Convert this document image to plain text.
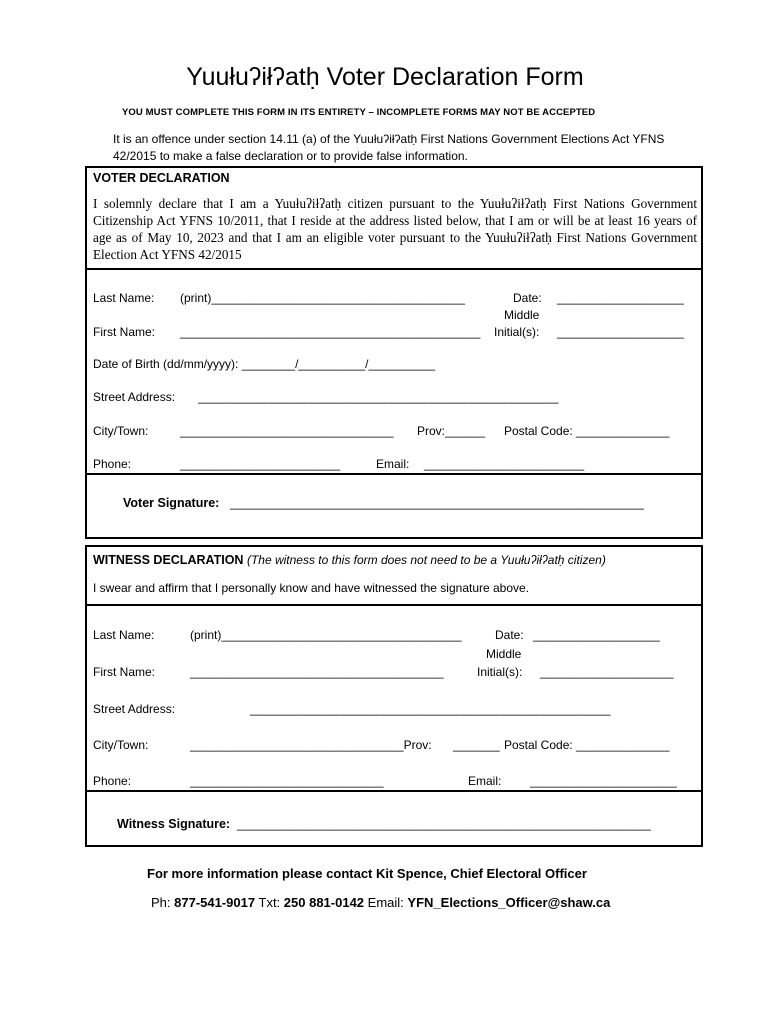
Yuułuʔiłʔatḥ Voter Declaration Form
YOU MUST COMPLETE THIS FORM IN ITS ENTIRETY – INCOMPLETE FORMS MAY NOT BE ACCEPTED
It is an offence under section 14.11 (a) of the Yuułuʔiłʔatḥ First Nations Government Elections Act YFNS 42/2015 to make a false declaration or to provide false information.
VOTER DECLARATION
I solemnly declare that I am a Yuułuʔiłʔatḥ citizen pursuant to the Yuułuʔiłʔatḥ First Nations Government Citizenship Act YFNS 10/2011, that I reside at the address listed below, that I am or will be at least 16 years of age as of May 10, 2023 and that I am an eligible voter pursuant to the Yuułuʔiłʔatḥ First Nations Government Election Act YFNS 42/2015
Last Name: (print)______________________________________	Date: ___________________
Middle
First Name: _____________________________________________ Initial(s): ___________________
Date of Birth (dd/mm/yyyy): ________/__________/__________
Street Address: ______________________________________________________
City/Town:	________________________________ Prov:______ Postal Code: ______________
Phone:	________________________	Email: ________________________
Voter Signature: ______________________________________________________________
WITNESS DECLARATION (The witness to this form does not need to be a Yuułuʔiłʔatḥ citizen)
I swear and affirm that I personally know and have witnessed the signature above.
Last Name:	(print)____________________________________	Date: ___________________
Middle
First Name:	______________________________________	Initial(s): ____________________
Street Address:	______________________________________________________
City/Town:	________________________________Prov: _______ Postal Code: ______________
Phone:	_____________________________	Email: ______________________
Witness Signature: ______________________________________________________________
For more information please contact Kit Spence, Chief Electoral Officer
Ph: 877-541-9017 Txt: 250 881-0142 Email: YFN_Elections_Officer@shaw.ca
